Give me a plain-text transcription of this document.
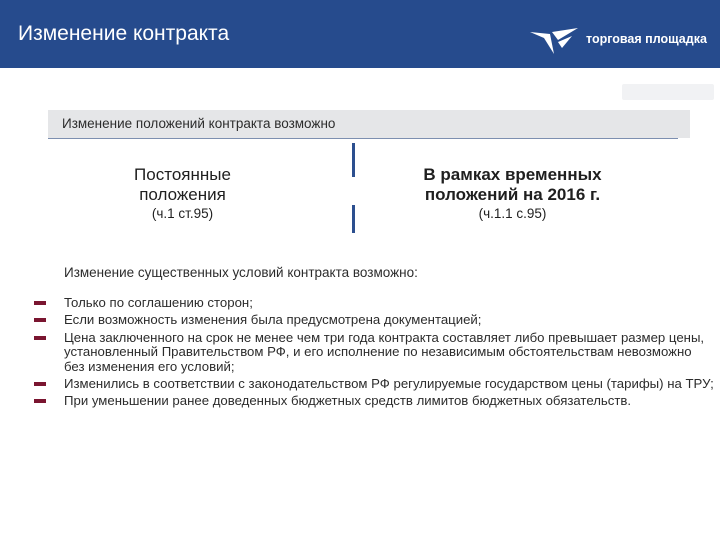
Изменение контракта	торговая площадка
Изменение положений контракта возможно
Постоянные положения
(ч.1 ст.95)
В рамках временных положений на 2016 г.
(ч.1.1 с.95)
Изменение существенных условий контракта возможно:
Только по соглашению сторон;
Если возможность изменения была предусмотрена документацией;
Цена заключенного на срок не менее чем три года контракта составляет либо превышает размер цены, установленный Правительством РФ, и его исполнение по независимым обстоятельствам невозможно без изменения его условий;
Изменились в соответствии с законодательством РФ регулируемые государством цены (тарифы) на ТРУ;
При уменьшении ранее доведенных бюджетных средств лимитов бюджетных обязательств.
